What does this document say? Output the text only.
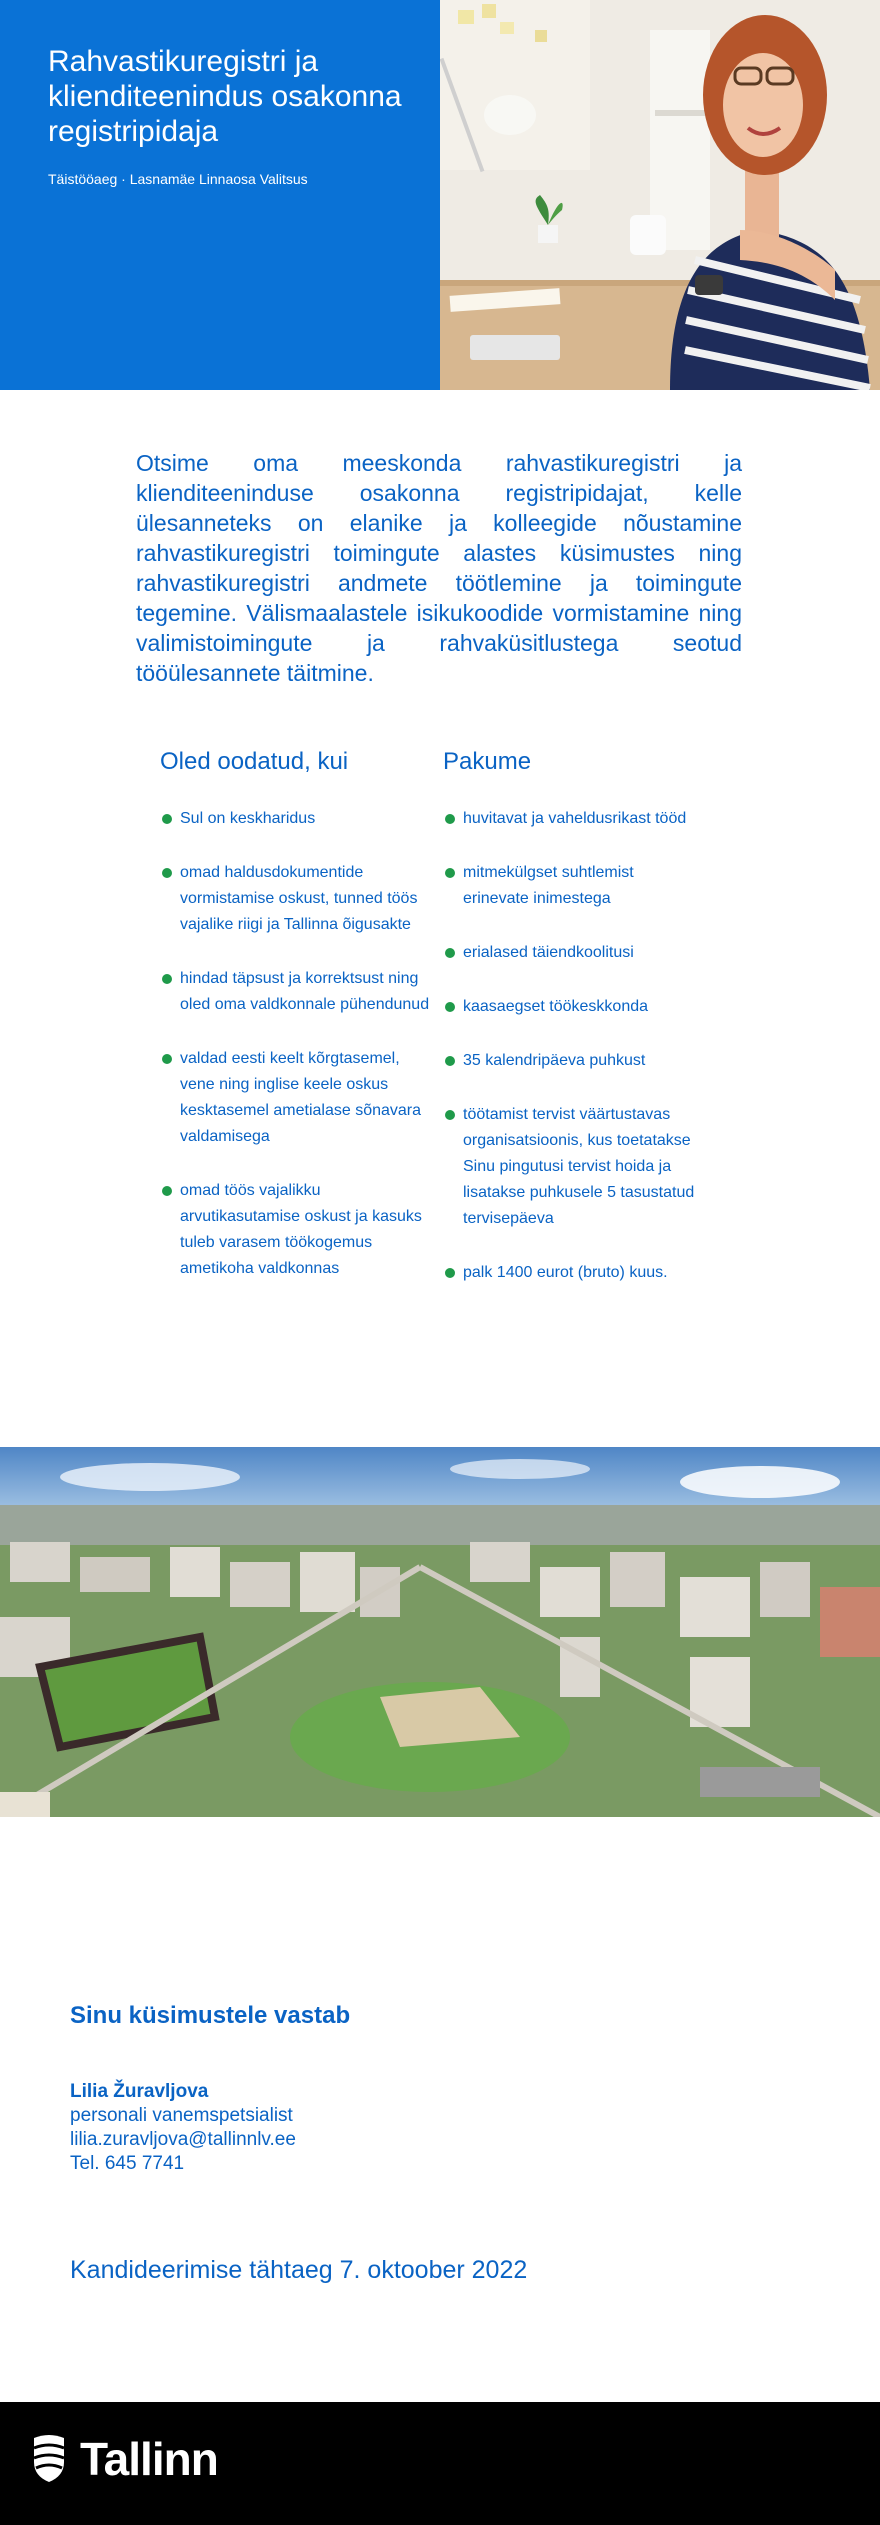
Rahvastikuregistri ja klienditeenindus osakonna registripidaja
Täistööaeg · Lasnamäe Linnaosa Valitsus

Otsime oma meeskonda rahvastikuregistri ja klienditeeninduse osakonna registripidajat, kelle ülesanneteks on elanike ja kolleegide nõustamine rahvastikuregistri toimingute alastes küsimustes ning rahvastikuregistri andmete töötlemine ja toimingute tegemine. Välismaalastele isikukoodide vormistamine ning valimistoimingute ja rahvaküsitlustega seotud tööülesannete täitmine.

Oled oodatud, kui
Sul on keskharidus
omad haldusdokumentide vormistamise oskust, tunned töös vajalike riigi ja Tallinna õigusakte
hindad täpsust ja korrektsust ning oled oma valdkonnale pühendunud
valdad eesti keelt kõrgtasemel, vene ning inglise keele oskus kesktasemel ametialase sõnavara valdamisega
omad töös vajalikku arvutikasutamise oskust ja kasuks tuleb varasem töökogemus ametikoha valdkonnas
Pakume
huvitavat ja vaheldusrikast tööd
mitmekülgset suhtlemist erinevate inimestega
erialased täiendkoolitusi
kaasaegset töökeskkonda
35 kalendripäeva puhkust
töötamist tervist väärtustavas organisatsioonis, kus toetatakse Sinu pingutusi tervist hoida ja lisatakse puhkusele 5 tasustatud tervisepäeva
palk 1400 eurot (bruto) kuus.
Sinu küsimustele vastab
Lilia Žuravljova
personali vanemspetsialist
lilia.zuravljova@tallinnlv.ee
Tel. 645 7741
Kandideerimise tähtaeg 7. oktoober 2022
Tallinn
